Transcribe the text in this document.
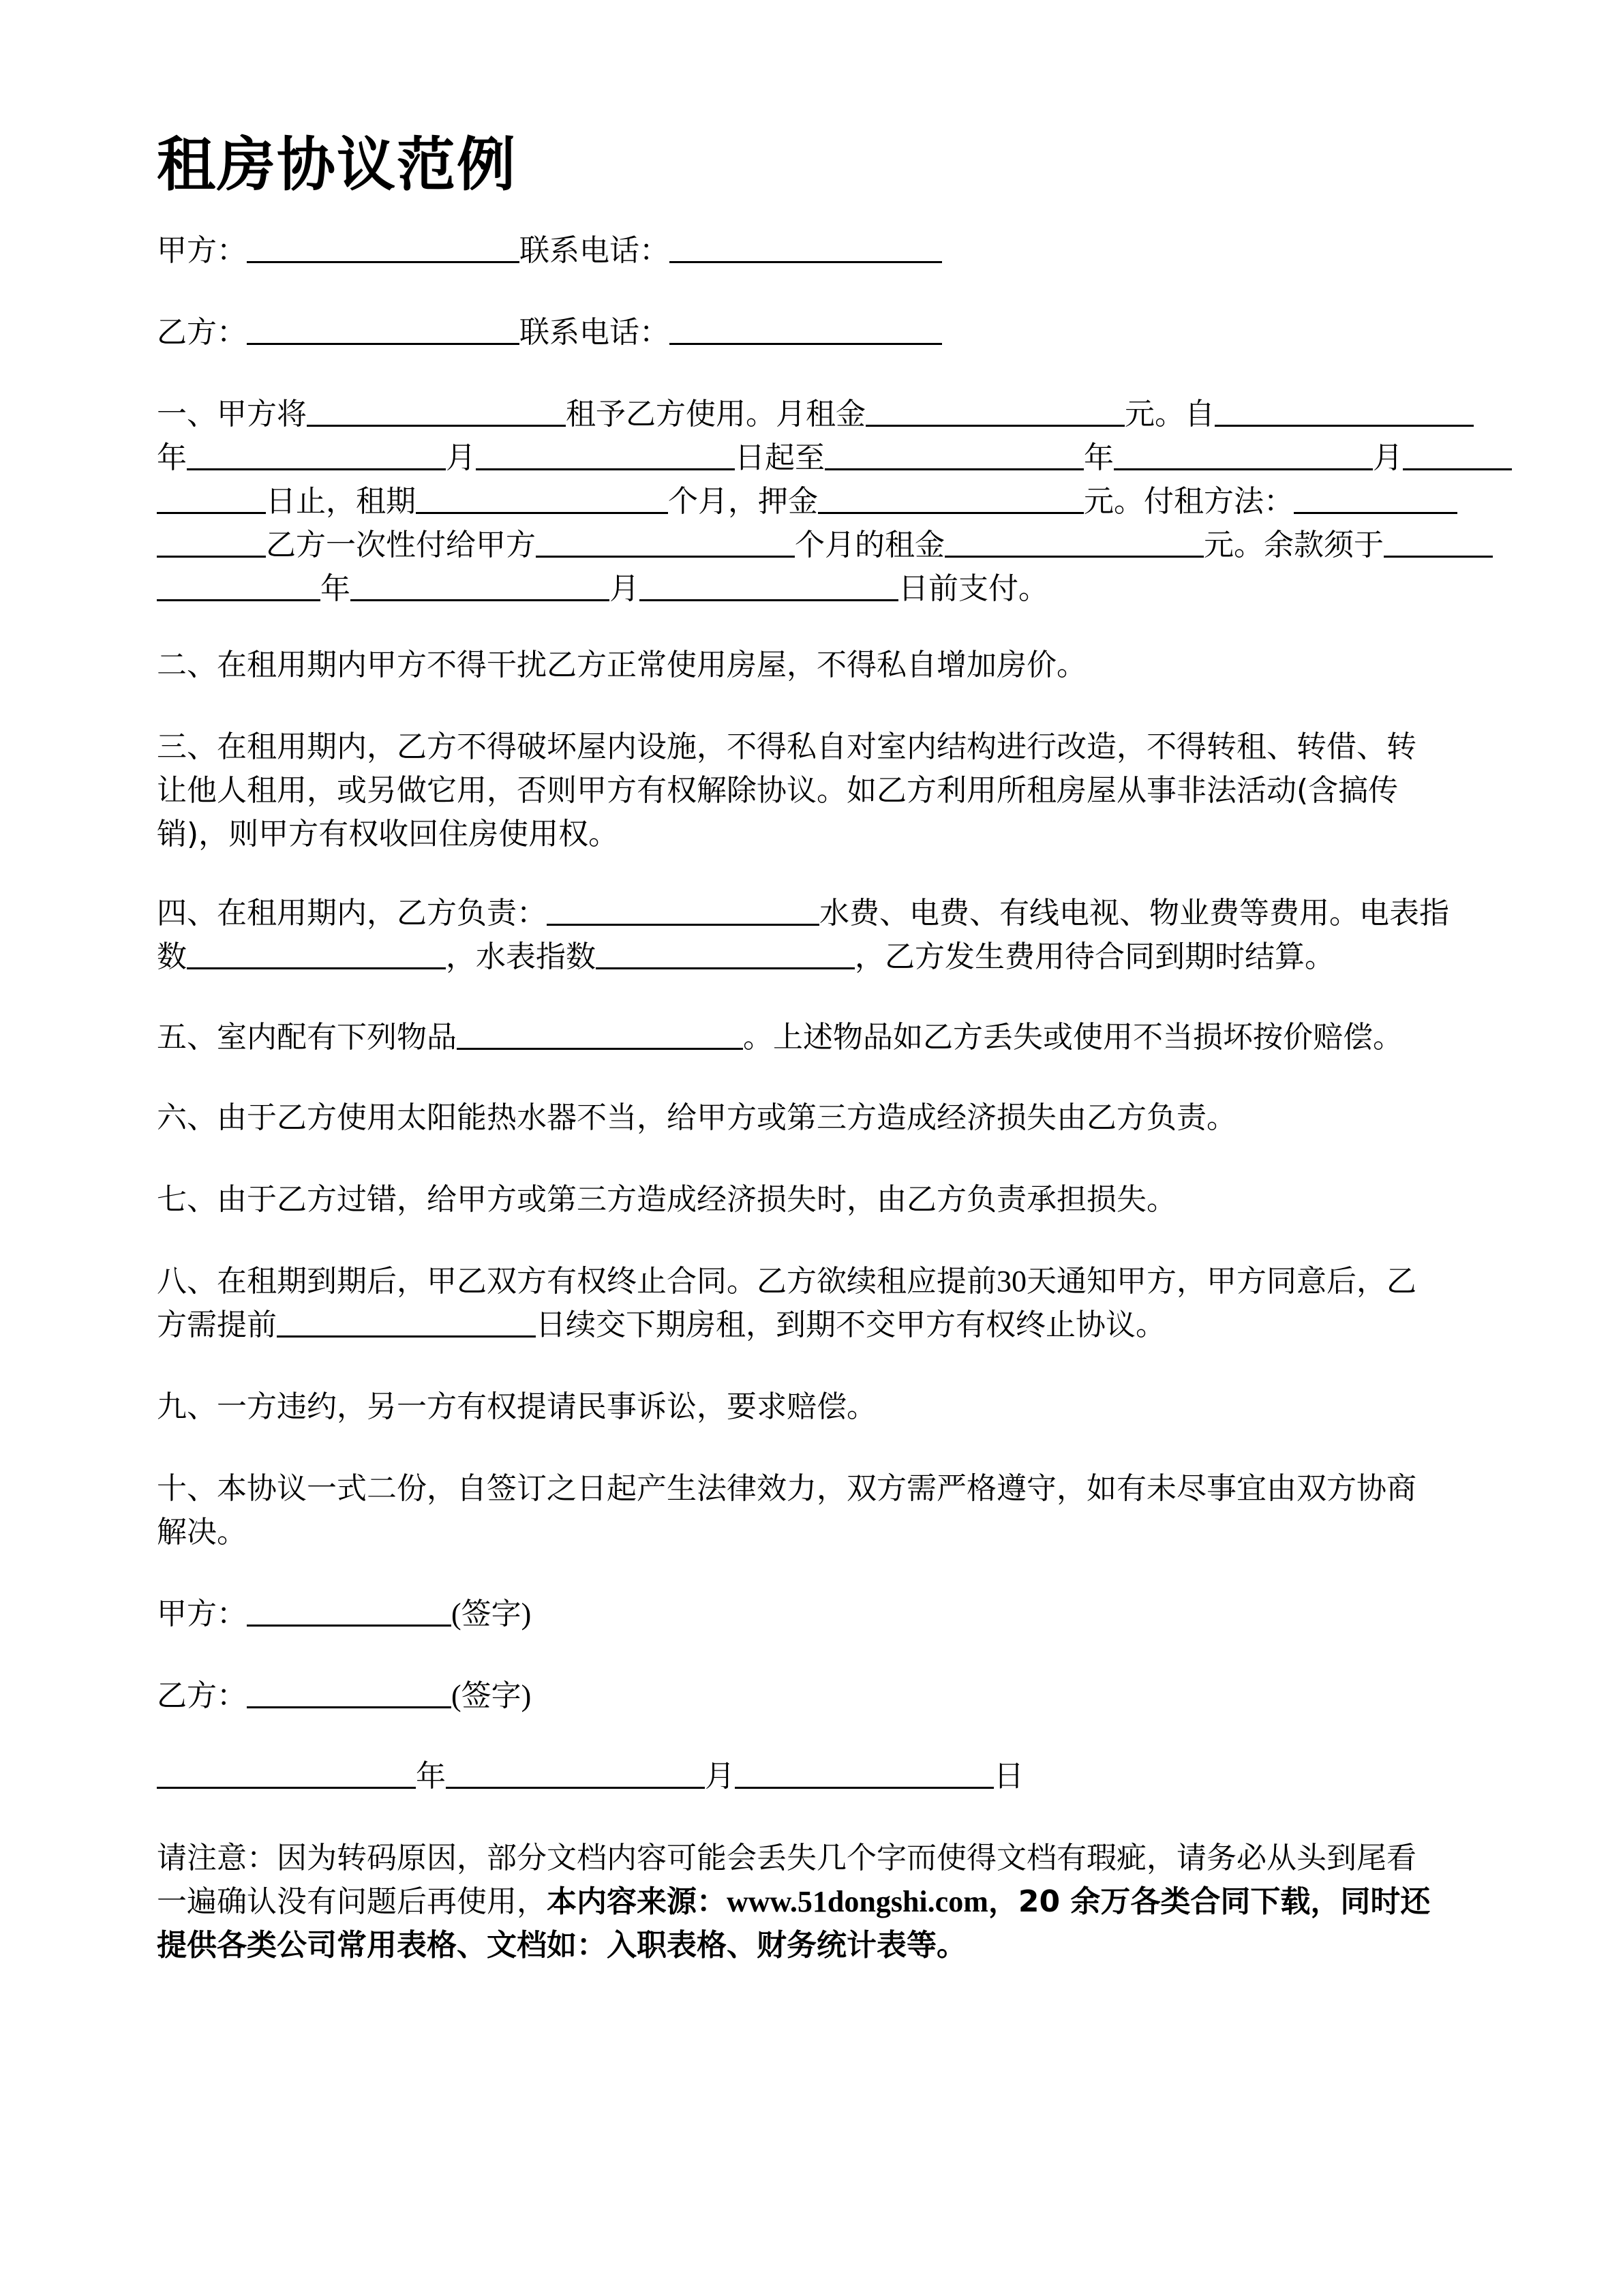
租房协议范例

甲方：	联系电话：

乙方：	联系电话：

一、甲方将	租予乙方使用。月租金	元。自
年	月	日起至	年	月
日止，租期	个月，押金	元。付租方法：
乙方一次性付给甲方	个月的租金	元。余款须于
年	月	日前支付。

二、在租用期内甲方不得干扰乙方正常使用房屋，不得私自增加房价。

三、在租用期内，乙方不得破坏屋内设施，不得私自对室内结构进行改造，不得转租、转借、转
让他人租用，或另做它用，否则甲方有权解除协议。如乙方利用所租房屋从事非法活动(含搞传
销)，则甲方有权收回住房使用权。

四、在租用期内，乙方负责：	水费、电费、有线电视、物业费等费用。电表指
数	，水表指数	，乙方发生费用待合同到期时结算。

五、室内配有下列物品	。上述物品如乙方丢失或使用不当损坏按价赔偿。

六、由于乙方使用太阳能热水器不当，给甲方或第三方造成经济损失由乙方负责。

七、由于乙方过错，给甲方或第三方造成经济损失时，由乙方负责承担损失。

八、在租期到期后，甲乙双方有权终止合同。乙方欲续租应提前30天通知甲方，甲方同意后，乙
方需提前	日续交下期房租，到期不交甲方有权终止协议。

九、一方违约，另一方有权提请民事诉讼，要求赔偿。

十、本协议一式二份，自签订之日起产生法律效力，双方需严格遵守，如有未尽事宜由双方协商
解决。

甲方：	(签字)

乙方：	(签字)

年	月	日

请注意：因为转码原因，部分文档内容可能会丢失几个字而使得文档有瑕疵，请务必从头到尾看
一遍确认没有问题后再使用，本内容来源：www.51dongshi.com，20 余万各类合同下载，同时还
提供各类公司常用表格、文档如：入职表格、财务统计表等。
